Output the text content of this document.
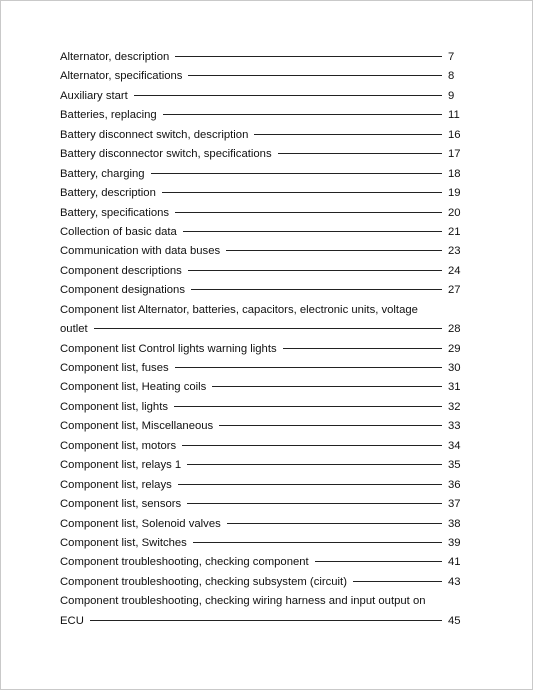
Alternator, description	7
Alternator, specifications	8
Auxiliary start	9
Batteries, replacing	11
Battery disconnect switch, description	16
Battery disconnector switch, specifications	17
Battery, charging	18
Battery, description	19
Battery, specifications	20
Collection of basic data	21
Communication with data buses	23
Component descriptions	24
Component designations	27
Component list Alternator, batteries, capacitors, electronic units, voltage
outlet	28
Component list Control lights warning lights	29
Component list, fuses	30
Component list, Heating coils	31
Component list, lights	32
Component list, Miscellaneous	33
Component list, motors	34
Component list, relays 1	35
Component list, relays	36
Component list, sensors	37
Component list, Solenoid valves	38
Component list, Switches	39
Component troubleshooting, checking component	41
Component troubleshooting, checking subsystem (circuit)	43
Component troubleshooting, checking wiring harness and input output on
ECU	45
